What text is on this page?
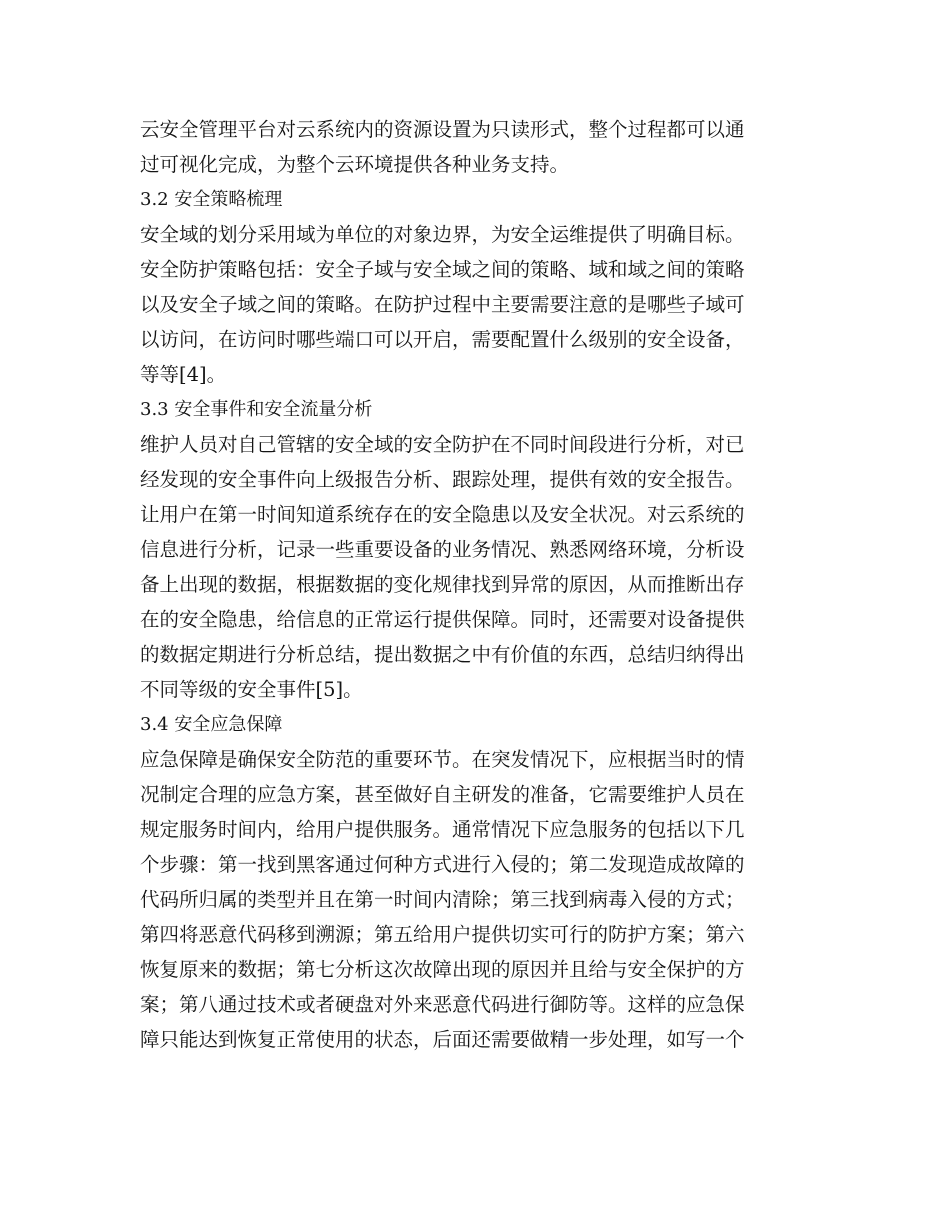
云安全管理平台对云系统内的资源设置为只读形式，整个过程都可以通
过可视化完成，为整个云环境提供各种业务支持。
3.2 安全策略梳理
安全域的划分采用域为单位的对象边界，为安全运维提供了明确目标。
安全防护策略包括：安全子域与安全域之间的策略、域和域之间的策略
以及安全子域之间的策略。在防护过程中主要需要注意的是哪些子域可
以访问，在访问时哪些端口可以开启，需要配置什么级别的安全设备，
等等[4]。
3.3 安全事件和安全流量分析
维护人员对自己管辖的安全域的安全防护在不同时间段进行分析，对已
经发现的安全事件向上级报告分析、跟踪处理，提供有效的安全报告。
让用户在第一时间知道系统存在的安全隐患以及安全状况。对云系统的
信息进行分析，记录一些重要设备的业务情况、熟悉网络环境，分析设
备上出现的数据，根据数据的变化规律找到异常的原因，从而推断出存
在的安全隐患，给信息的正常运行提供保障。同时，还需要对设备提供
的数据定期进行分析总结，提出数据之中有价值的东西，总结归纳得出
不同等级的安全事件[5]。
3.4 安全应急保障
应急保障是确保安全防范的重要环节。在突发情况下，应根据当时的情
况制定合理的应急方案，甚至做好自主研发的准备，它需要维护人员在
规定服务时间内，给用户提供服务。通常情况下应急服务的包括以下几
个步骤：第一找到黑客通过何种方式进行入侵的；第二发现造成故障的
代码所归属的类型并且在第一时间内清除；第三找到病毒入侵的方式；
第四将恶意代码移到溯源；第五给用户提供切实可行的防护方案；第六
恢复原来的数据；第七分析这次故障出现的原因并且给与安全保护的方
案；第八通过技术或者硬盘对外来恶意代码进行御防等。这样的应急保
障只能达到恢复正常使用的状态，后面还需要做精一步处理，如写一个
